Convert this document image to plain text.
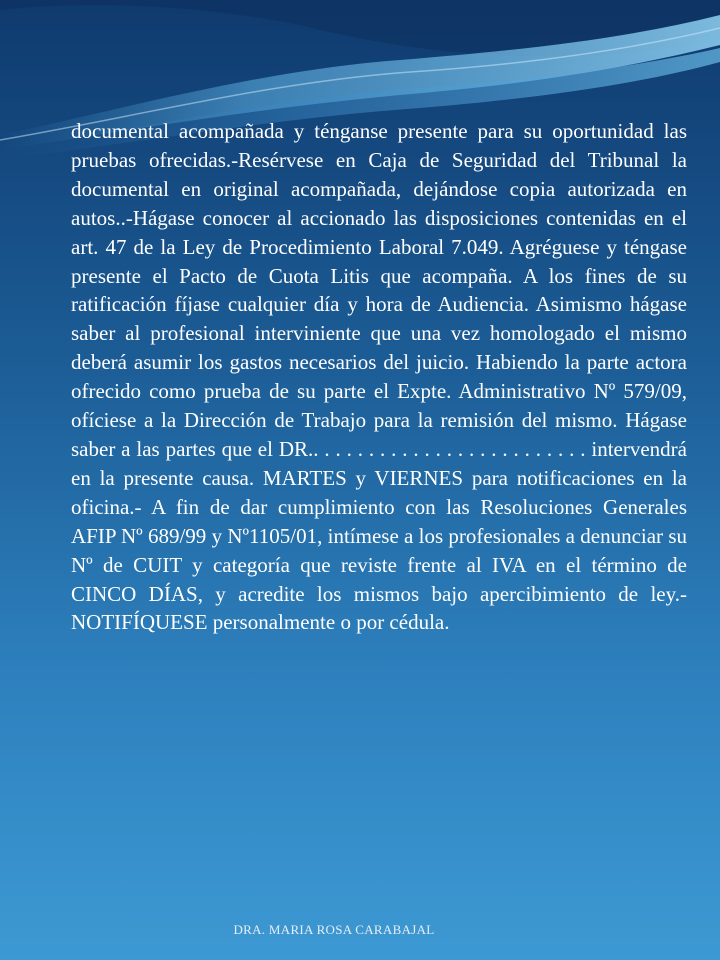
documental acompañada y ténganse presente para su oportunidad las pruebas ofrecidas.-Resérvese en Caja de Seguridad del Tribunal la documental en original acompañada, dejándose copia autorizada en autos..-Hágase conocer al accionado las disposiciones contenidas en el art. 47 de la Ley de Procedimiento Laboral 7.049. Agréguese y téngase presente el Pacto de Cuota Litis que acompaña. A los fines de su ratificación fíjase cualquier día y hora de Audiencia. Asimismo hágase saber al profesional interviniente que una vez homologado el mismo deberá asumir los gastos necesarios del juicio. Habiendo la parte actora ofrecido como prueba de su parte el Expte. Administrativo Nº 579/09, ofíciese a la Dirección de Trabajo para la remisión del mismo. Hágase saber a las partes que el DR.. . . . . . . . . . . . . . . . . . . . . . . . . intervendrá en la presente causa. MARTES y VIERNES para notificaciones en la oficina.- A fin de dar cumplimiento con las Resoluciones Generales AFIP Nº 689/99 y Nº1105/01, intímese a los profesionales a denunciar su Nº de CUIT y categoría que reviste frente al IVA en el término de CINCO DÍAS, y acredite los mismos bajo apercibimiento de ley.-NOTIFÍQUESE personalmente o por cédula.

DRA. MARIA ROSA CARABAJAL
